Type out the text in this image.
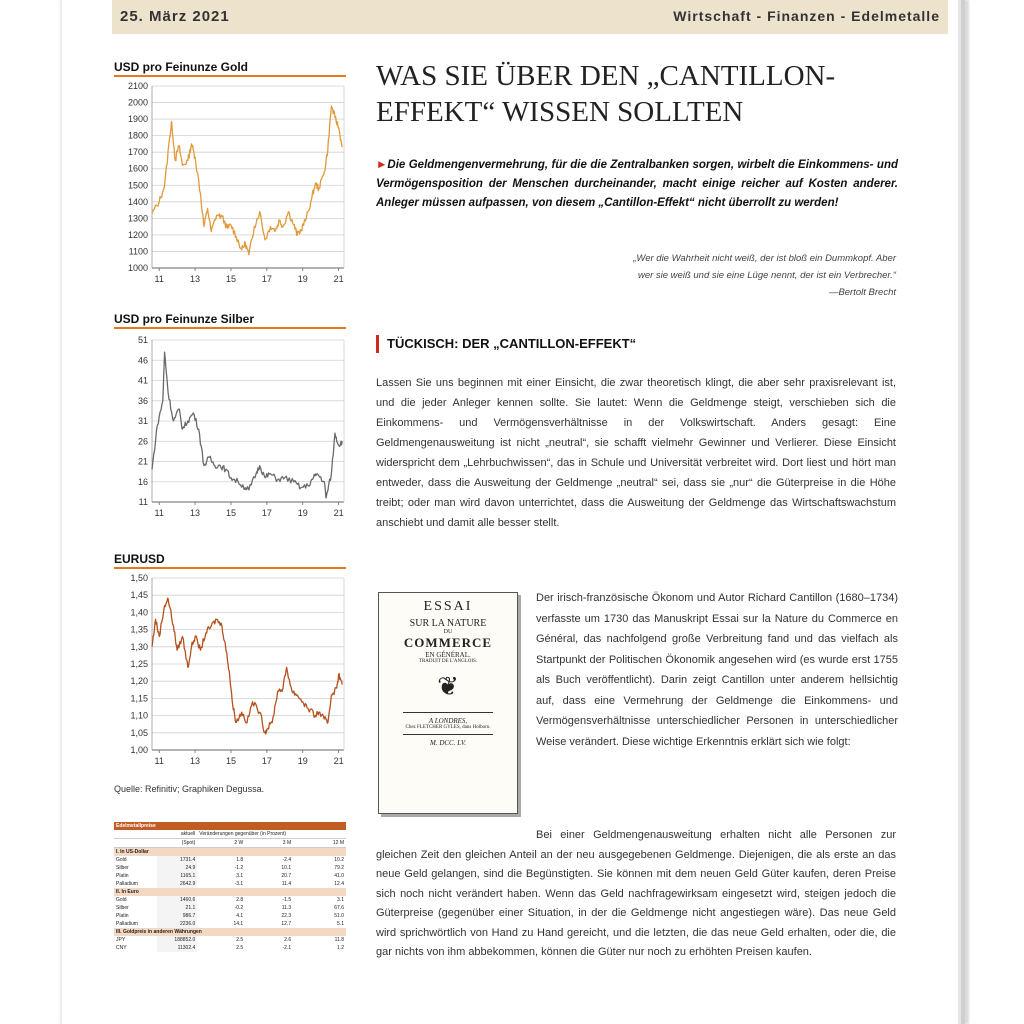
25. März 2021	Wirtschaft - Finanzen - Edelmetalle
USD pro Feinunze Gold
2100
2000
1900
1800
1700
1600
1500
1400
1300
1200
1100
1000
11	13	15	17	19	21
USD pro Feinunze Silber
51
46
41
36
31
26
21
16
11
11	13	15	17	19	21
EURUSD
1,50
1,45
1,40
1,35
1,30
1,25
1,20
1,15
1,10
1,05
1,00
11	13	15	17	19	21
Quelle: Refinitiv; Graphiken Degussa.
Edelmetallpreise				
	aktuell	Veränderungen gegenüber (in Prozent)		
	(Spot)	2 W	3 M	12 M
I. In US-Dollar				
Gold	1731.4	1.8	-2.4	10.2
Silber	24.9	-1.2	10.1	79.2
Platin	1165.1	3.1	20.7	41.0
Palladium	2642.9	-3.1	11.4	12.4
II. In Euro				
Gold	1460.6	2.8	-1.5	3.1
Silber	21.1	-0.2	11.3	67.6
Platin	986.7	4.1	22.3	51.0
Palladium	2236.0	14.1	12.7	5.1
III. Goldpreis in anderen Währungen				
JPY	188852.0	2.5	2.6	11.8
CNY	11302.4	2.5	-2.1	1.2
WAS SIE ÜBER DEN „CANTILLON-
EFFEKT“ WISSEN SOLLTEN
►Die Geldmengenvermehrung, für die die Zentralbanken sorgen, wirbelt die Einkommens- und Vermögensposition der Menschen durcheinander, macht einige reicher auf Kosten anderer. Anleger müssen aufpassen, von diesem „Cantillon-Effekt“ nicht überrollt zu werden!
„Wer die Wahrheit nicht weiß, der ist bloß ein Dummkopf. Aber
wer sie weiß und sie eine Lüge nennt, der ist ein Verbrecher.“
—Bertolt Brecht
TÜCKISCH: DER „CANTILLON-EFFEKT“
Lassen Sie uns beginnen mit einer Einsicht, die zwar theoretisch klingt, die aber sehr praxisrelevant ist, und die jeder Anleger kennen sollte. Sie lautet: Wenn die Geldmenge steigt, verschieben sich die Einkommens- und Vermögensverhältnisse in der Volkswirtschaft. Anders gesagt: Eine Geldmengenausweitung ist nicht „neutral“, sie schafft vielmehr Gewinner und Verlierer. Diese Einsicht widerspricht dem „Lehrbuchwissen“, das in Schule und Universität verbreitet wird. Dort liest und hört man entweder, dass die Ausweitung der Geldmenge „neutral“ sei, dass sie „nur“ die Güterpreise in die Höhe treibt; oder man wird davon unterrichtet, dass die Ausweitung der Geldmenge das Wirtschaftswachstum anschiebt und damit alle besser stellt.
ESSAI
SUR LA NATURE
DU
COMMERCE
EN GÉNÉRAL.
TRADUIT DE L'ANGLOIS.
❦
A LONDRES,
Chez FLETCHER GYLES, dans Holborn.
M. DCC. LV.
Der irisch-französische Ökonom und Autor Richard Cantillon (1680–1734) verfasste um 1730 das Manuskript Essai sur la Nature du Commerce en Général, das nachfolgend große Verbreitung fand und das vielfach als Startpunkt der Politischen Ökonomik angesehen wird (es wurde erst 1755 als Buch veröffentlicht). Darin zeigt Cantillon unter anderem hellsichtig auf, dass eine Vermehrung der Geldmenge die Einkommens- und Vermögensverhältnisse unterschiedlicher Personen in unterschiedlicher Weise verändert. Diese wichtige Erkenntnis erklärt sich wie folgt:
Bei einer Geldmengenausweitung erhalten nicht alle Personen zur gleichen Zeit den gleichen Anteil an der neu ausgegebenen Geldmenge. Diejenigen, die als erste an das neue Geld gelangen, sind die Begünstigten. Sie können mit dem neuen Geld Güter kaufen, deren Preise sich noch nicht verändert haben. Wenn das Geld nachfragewirksam eingesetzt wird, steigen jedoch die Güterpreise (gegenüber einer Situation, in der die Geldmenge nicht angestiegen wäre). Das neue Geld wird sprichwörtlich von Hand zu Hand gereicht, und die letzten, die das neue Geld erhalten, oder die, die gar nichts von ihm abbekommen, können die Güter nur noch zu erhöhten Preisen kaufen.
